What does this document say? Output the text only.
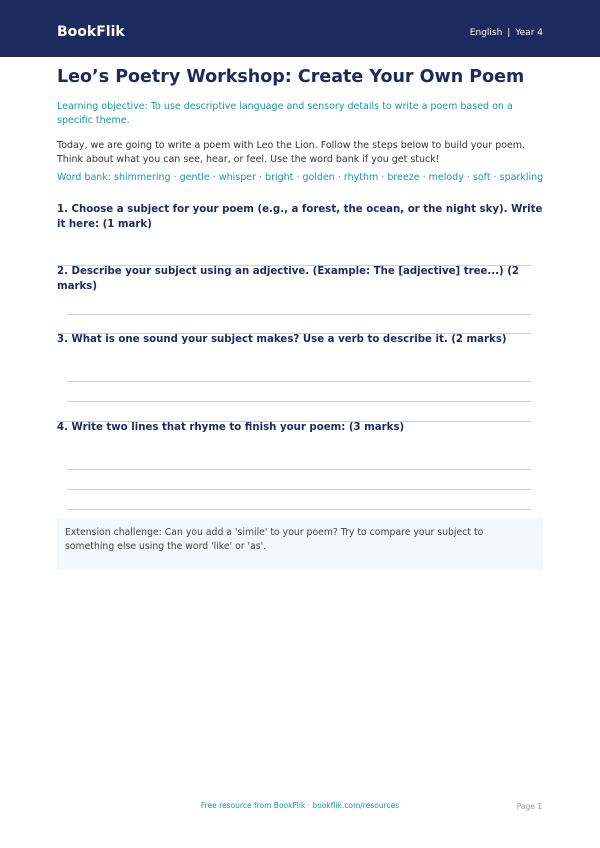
BookFlik	English | Year 4
Leo’s Poetry Workshop: Create Your Own Poem

Learning objective: To use descriptive language and sensory details to write a poem based on a specific theme.

Today, we are going to write a poem with Leo the Lion. Follow the steps below to build your poem. Think about what you can see, hear, or feel. Use the word bank if you get stuck!

Word bank: shimmering · gentle · whisper · bright · golden · rhythm · breeze · melody · soft · sparkling

1. Choose a subject for your poem (e.g., a forest, the ocean, or the night sky). Write it here: (1 mark)

2. Describe your subject using an adjective. (Example: The [adjective] tree...) (2 marks)

3. What is one sound your subject makes? Use a verb to describe it. (2 marks)

4. Write two lines that rhyme to finish your poem: (3 marks)

Extension challenge: Can you add a 'simile' to your poem? Try to compare your subject to something else using the word 'like' or 'as'.

Free resource from BookFlik · bookflik.com/resources	Page 1
